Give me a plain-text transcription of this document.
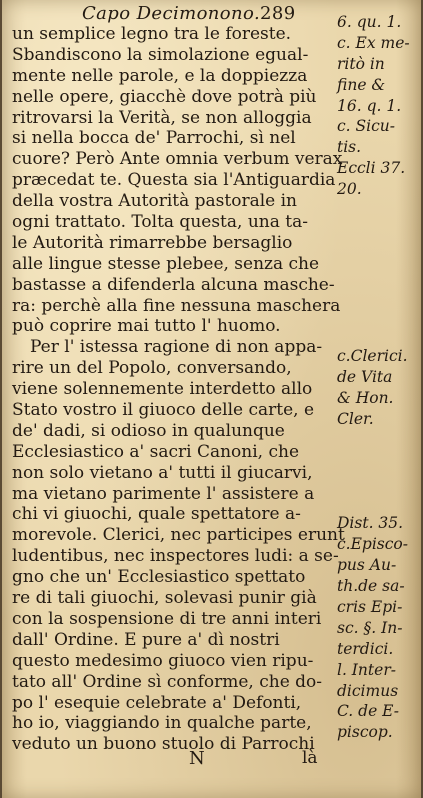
Capo Decimonono. 289
un semplice legno tra le foreste.
Sbandiscono la simolazione egual-
mente nelle parole, e la doppiezza
nelle opere, giacchè dove potrà più
ritrovarsi la Verità, se non alloggia
si nella bocca de' Parrochi, sì nel
cuore? Però Ante omnia verbum verax
præcedat te. Questa sia l'Antiguardia
della vostra Autorità pastorale in
ogni trattato. Tolta questa, una ta-
le Autorità rimarrebbe bersaglio
alle lingue stesse plebee, senza che
bastasse a difenderla alcuna masche-
ra: perchè alla fine nessuna maschera
può coprire mai tutto l' huomo.
Per l' istessa ragione di non appa-
rire un del Popolo, conversando,
viene solennemente interdetto allo
Stato vostro il giuoco delle carte, e
de' dadi, si odioso in qualunque
Ecclesiastico a' sacri Canoni, che
non solo vietano a' tutti il giucarvi,
ma vietano parimente l' assistere a
chi vi giuochi, quale spettatore a-
morevole. Clerici, nec participes erunt
ludentibus, nec inspectores ludi: a se-
gno che un' Ecclesiastico spettato
re di tali giuochi, solevasi punir già
con la sospensione di tre anni interi
dall' Ordine. E pure a' dì nostri
questo medesimo giuoco vien ripu-
tato all' Ordine sì conforme, che do-
po l' esequie celebrate a' Defonti,
ho io, viaggiando in qualche parte,
veduto un buono stuolo di Parrochi
6. qu. 1.
c. Ex me-
ritò in
fine &
16. q. 1.
c. Sicu-
tis.
Eccli 37.
20.
c.Clerici.
de Vita
& Hon.
Cler.
Dist. 35.
c.Episco-
pus Au-
th.de sa-
cris Epi-
sc. §. In-
terdici.
l. Inter-
dicimus
C. de E-
piscop.
N	là
